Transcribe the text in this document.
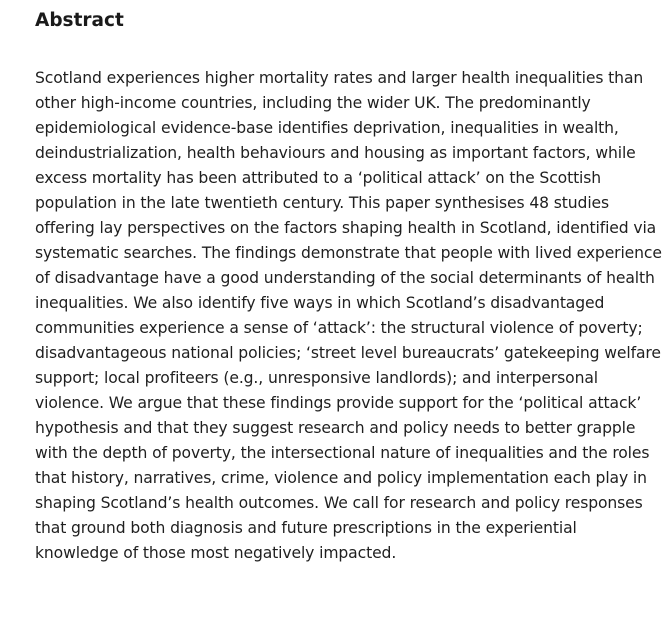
Abstract

Scotland experiences higher mortality rates and larger health inequalities than
other high-income countries, including the wider UK. The predominantly
epidemiological evidence-base identifies deprivation, inequalities in wealth,
deindustrialization, health behaviours and housing as important factors, while
excess mortality has been attributed to a ‘political attack’ on the Scottish
population in the late twentieth century. This paper synthesises 48 studies
offering lay perspectives on the factors shaping health in Scotland, identified via
systematic searches. The findings demonstrate that people with lived experience
of disadvantage have a good understanding of the social determinants of health
inequalities. We also identify five ways in which Scotland’s disadvantaged
communities experience a sense of ‘attack’: the structural violence of poverty;
disadvantageous national policies; ‘street level bureaucrats’ gatekeeping welfare
support; local profiteers (e.g., unresponsive landlords); and interpersonal
violence. We argue that these findings provide support for the ‘political attack’
hypothesis and that they suggest research and policy needs to better grapple
with the depth of poverty, the intersectional nature of inequalities and the roles
that history, narratives, crime, violence and policy implementation each play in
shaping Scotland’s health outcomes. We call for research and policy responses
that ground both diagnosis and future prescriptions in the experiential
knowledge of those most negatively impacted.
